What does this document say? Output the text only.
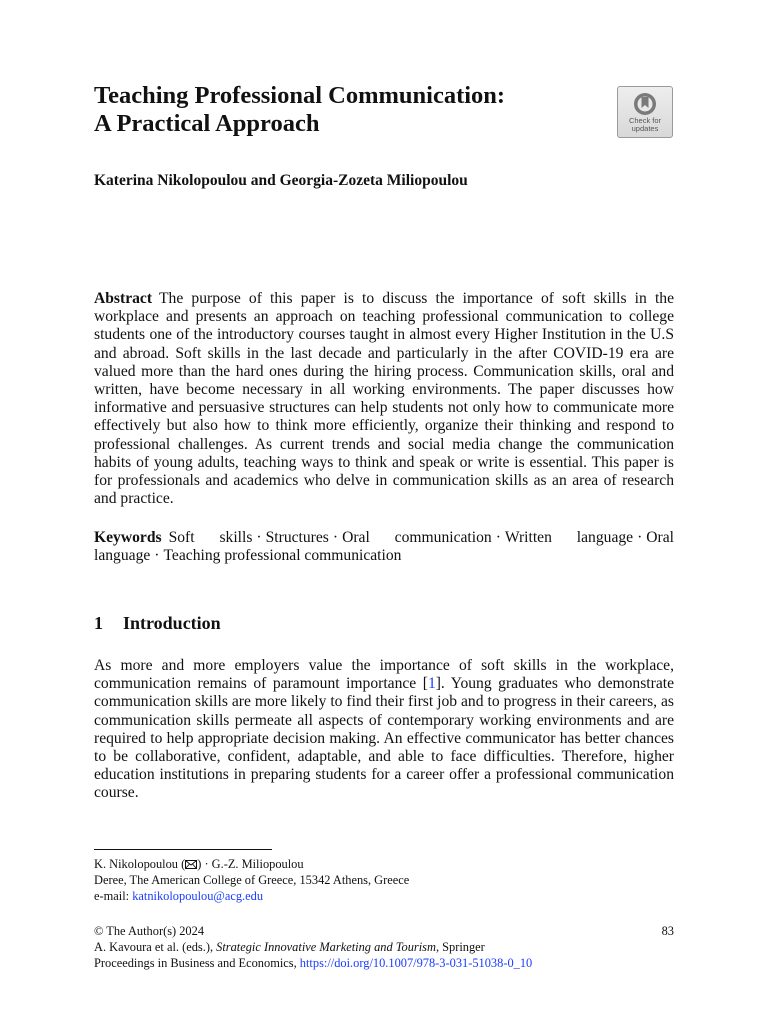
Teaching Professional Communication:
A Practical Approach	Check for
updates

Katerina Nikolopoulou and Georgia-Zozeta Miliopoulou

Abstract The purpose of this paper is to discuss the importance of soft skills in the workplace and presents an approach on teaching professional communication to college students one of the introductory courses taught in almost every Higher Institution in the U.S and abroad. Soft skills in the last decade and particularly in the after COVID-19 era are valued more than the hard ones during the hiring process. Communication skills, oral and written, have become necessary in all working environments. The paper discusses how informative and persuasive structures can help students not only how to communicate more effectively but also how to think more efficiently, organize their thinking and respond to professional challenges. As current trends and social media change the communication habits of young adults, teaching ways to think and speak or write is essential. This paper is for professionals and academics who delve in communication skills as an area of research and practice.

Keywords Soft skills · Structures · Oral communication · Written language · Oral language · Teaching professional communication

1 Introduction

As more and more employers value the importance of soft skills in the workplace, communication remains of paramount importance [1]. Young graduates who demonstrate communication skills are more likely to find their first job and to progress in their careers, as communication skills permeate all aspects of contemporary working environments and are required to help appropriate decision making. An effective communicator has better chances to be collaborative, confident, adaptable, and able to face difficulties. Therefore, higher education institutions in preparing students for a career offer a professional communication course.

K. Nikolopoulou ( ) · G.-Z. Miliopoulou
Deree, The American College of Greece, 15342 Athens, Greece
e-mail: katnikolopoulou@acg.edu
© The Author(s) 2024	83
A. Kavoura et al. (eds.), Strategic Innovative Marketing and Tourism, Springer
Proceedings in Business and Economics, https://doi.org/10.1007/978-3-031-51038-0_10
